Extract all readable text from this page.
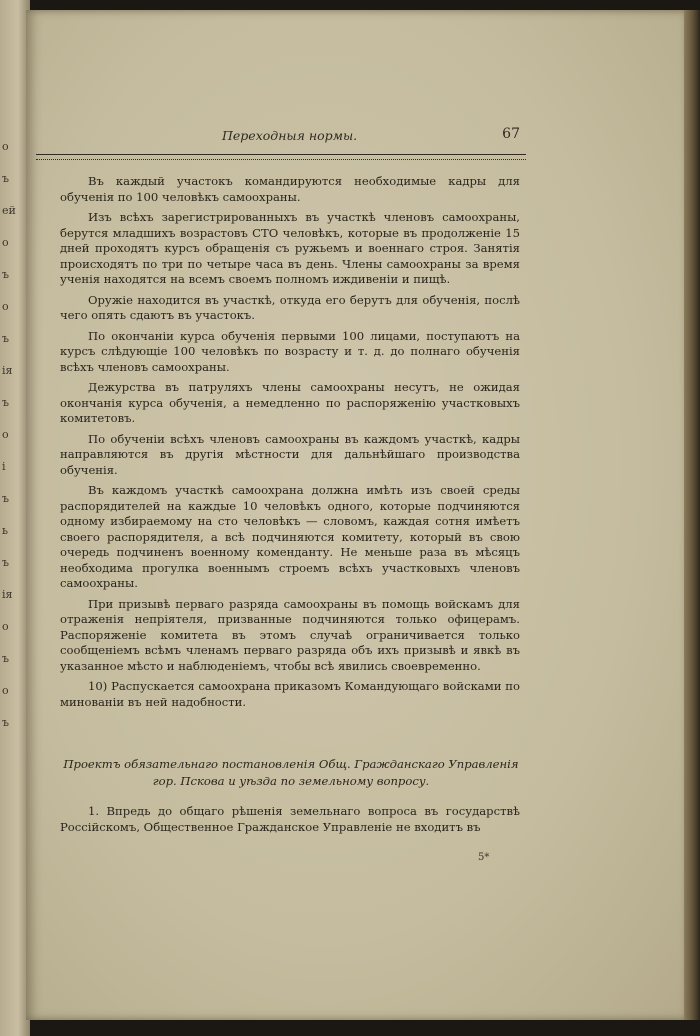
о
ъ
ей
о
ъ
о
ъ
ія
ъ
о
і
ъ
ь
ъ
ія
о
ъ
о
ъ
Переходныя нормы.	67

Въ каждый участокъ командируются необходимые кадры для обученія по 100 человѣкъ самоохраны.

Изъ всѣхъ зарегистрированныхъ въ участкѣ членовъ самоохраны, берутся младшихъ возрастовъ СТО человѣкъ, которые въ продолженіе 15 дней проходятъ курсъ обращенія съ ружьемъ и военнаго строя. Занятія происходятъ по три по четыре часа въ день. Члены самоохраны за время ученія находятся на всемъ своемъ полномъ иждивеніи и пищѣ.

Оружіе находится въ участкѣ, откуда его берутъ для обученія, послѣ чего опять сдаютъ въ участокъ.

По окончаніи курса обученія первыми 100 лицами, поступаютъ на курсъ слѣдующіе 100 человѣкъ по возрасту и т. д. до полнаго обученія всѣхъ членовъ самоохраны.

Дежурства въ патруляхъ члены самоохраны несутъ, не ожидая окончанія курса обученія, а немедленно по распоряженію участковыхъ комитетовъ.

По обученіи всѣхъ членовъ самоохраны въ каждомъ участкѣ, кадры направляются въ другія мѣстности для дальнѣйшаго производства обученія.

Въ каждомъ участкѣ самоохрана должна имѣть изъ своей среды распорядителей на каждые 10 человѣкъ одного, которые подчиняются одному избираемому на сто человѣкъ — словомъ, каждая сотня имѣетъ своего распорядителя, а всѣ подчиняются комитету, который въ свою очередь подчиненъ военному коменданту. Не меньше раза въ мѣсяцъ необходима прогулка военнымъ строемъ всѣхъ участковыхъ членовъ самоохраны.

При призывѣ перваго разряда самоохраны въ помощь войскамъ для отраженія непріятеля, призванные подчиняются только офицерамъ. Распоряженіе комитета въ этомъ случаѣ ограничивается только сообщеніемъ всѣмъ членамъ перваго разряда объ ихъ призывѣ и явкѣ въ указанное мѣсто и наблюденіемъ, чтобы всѣ явились своевременно.

10) Распускается самоохрана приказомъ Командующаго войсками по минованіи въ ней надобности.

Проектъ обязательнаго постановленія Общ. Гражданскаго Управленія гор. Пскова и уѣзда по земельному вопросу.

1. Впредь до общаго рѣшенія земельнаго вопроса въ государствѣ Россійскомъ, Общественное Гражданское Управленіе не входитъ въ

5*
